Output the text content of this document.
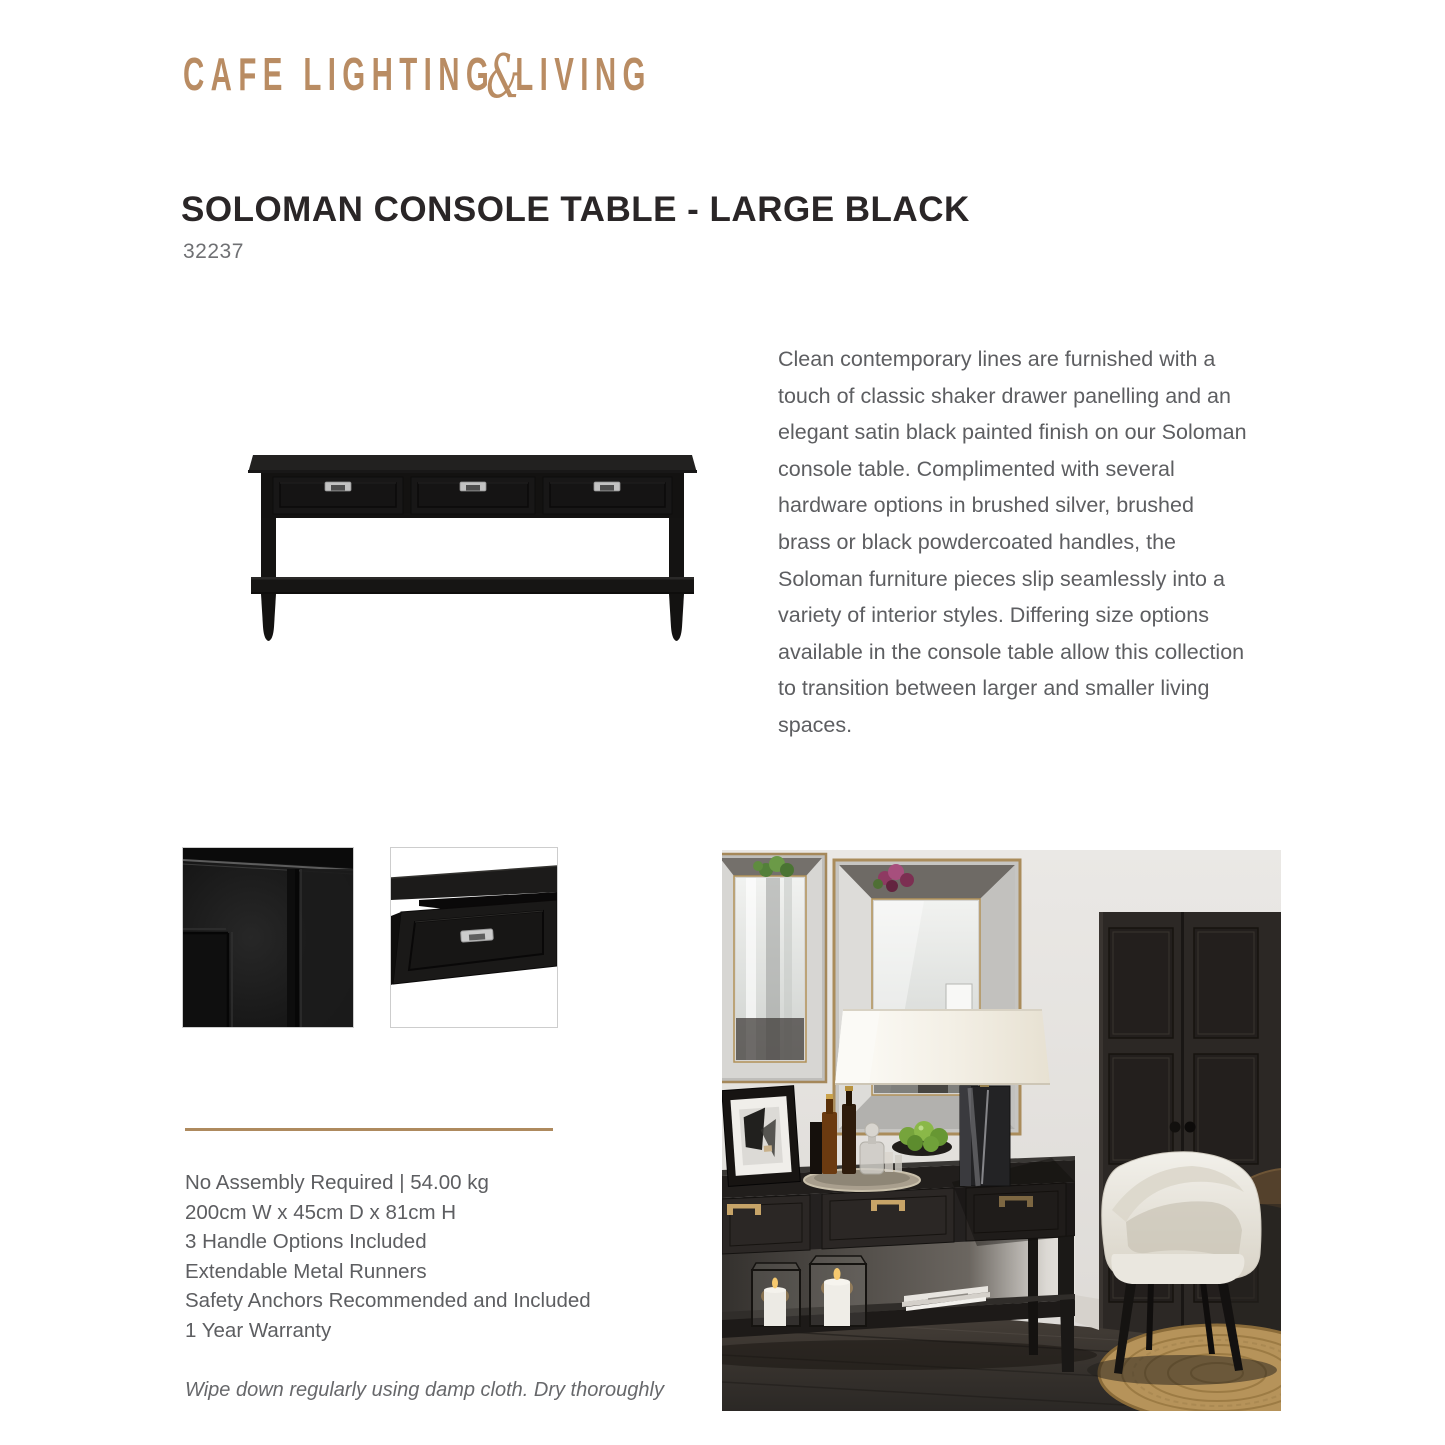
CAFE LIGHTING
&
LIVING
SOLOMAN CONSOLE TABLE - LARGE BLACK
32237

Clean contemporary lines are furnished with a touch of classic shaker drawer panelling and an elegant satin black painted finish on our Soloman console table. Complimented with several hardware options in brushed silver, brushed brass or black powdercoated handles, the Soloman furniture pieces slip seamlessly into a variety of interior styles. Differing size options available in the console table allow this collection to transition between larger and smaller living spaces.

No Assembly Required | 54.00 kg
200cm W x 45cm D x 81cm H
3 Handle Options Included
Extendable Metal Runners
Safety Anchors Recommended and Included
1 Year Warranty

Wipe down regularly using damp cloth. Dry thoroughly
